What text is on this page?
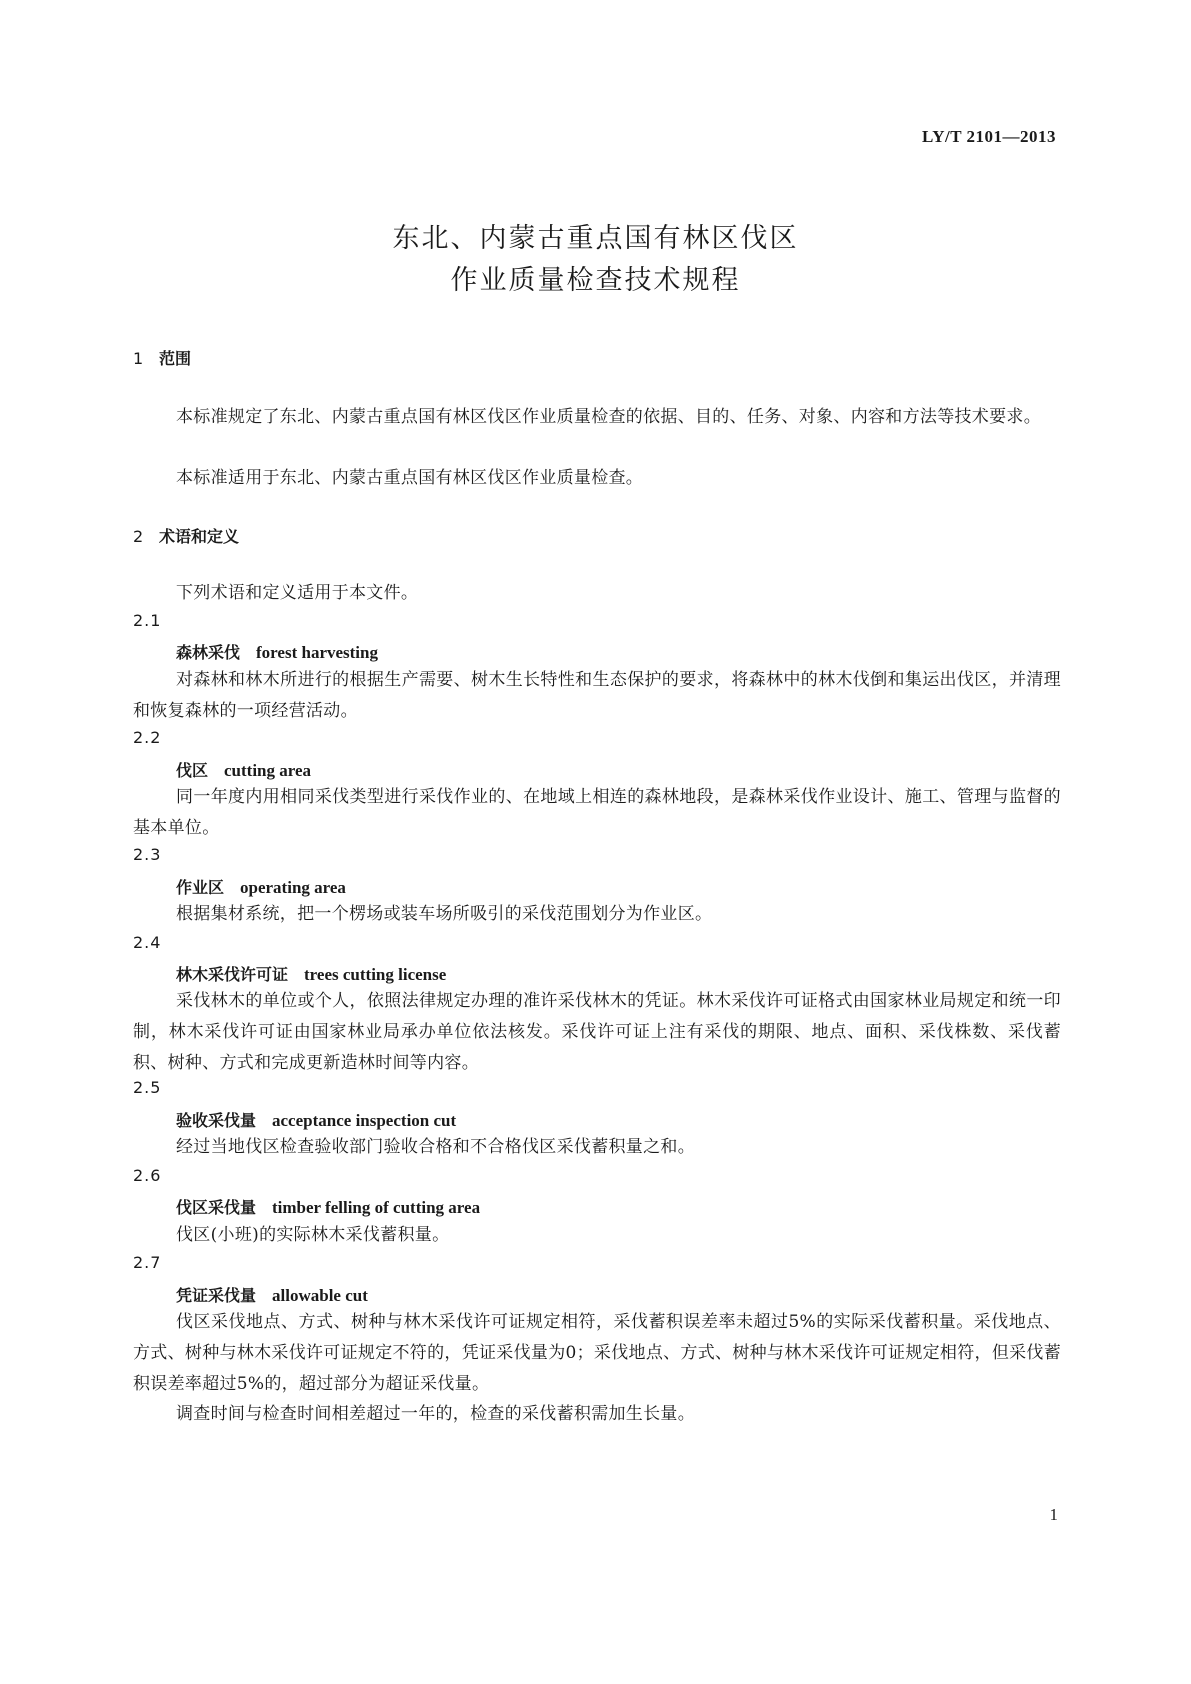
LY/T 2101—2013
东北、内蒙古重点国有林区伐区
作业质量检查技术规程
1 范围
本标准规定了东北、内蒙古重点国有林区伐区作业质量检查的依据、目的、任务、对象、内容和方法等技术要求。
本标准适用于东北、内蒙古重点国有林区伐区作业质量检查。
2 术语和定义
下列术语和定义适用于本文件。
2.1
森林采伐 forest harvesting
对森林和林木所进行的根据生产需要、树木生长特性和生态保护的要求，将森林中的林木伐倒和集运出伐区，并清理和恢复森林的一项经营活动。
2.2
伐区 cutting area
同一年度内用相同采伐类型进行采伐作业的、在地域上相连的森林地段，是森林采伐作业设计、施工、管理与监督的基本单位。
2.3
作业区 operating area
根据集材系统，把一个楞场或装车场所吸引的采伐范围划分为作业区。
2.4
林木采伐许可证 trees cutting license
采伐林木的单位或个人，依照法律规定办理的准许采伐林木的凭证。林木采伐许可证格式由国家林业局规定和统一印制，林木采伐许可证由国家林业局承办单位依法核发。采伐许可证上注有采伐的期限、地点、面积、采伐株数、采伐蓄积、树种、方式和完成更新造林时间等内容。
2.5
验收采伐量 acceptance inspection cut
经过当地伐区检查验收部门验收合格和不合格伐区采伐蓄积量之和。
2.6
伐区采伐量 timber felling of cutting area
伐区(小班)的实际林木采伐蓄积量。
2.7
凭证采伐量 allowable cut
伐区采伐地点、方式、树种与林木采伐许可证规定相符，采伐蓄积误差率未超过5%的实际采伐蓄积量。采伐地点、方式、树种与林木采伐许可证规定不符的，凭证采伐量为0；采伐地点、方式、树种与林木采伐许可证规定相符，但采伐蓄积误差率超过5%的，超过部分为超证采伐量。
调查时间与检查时间相差超过一年的，检查的采伐蓄积需加生长量。
1
